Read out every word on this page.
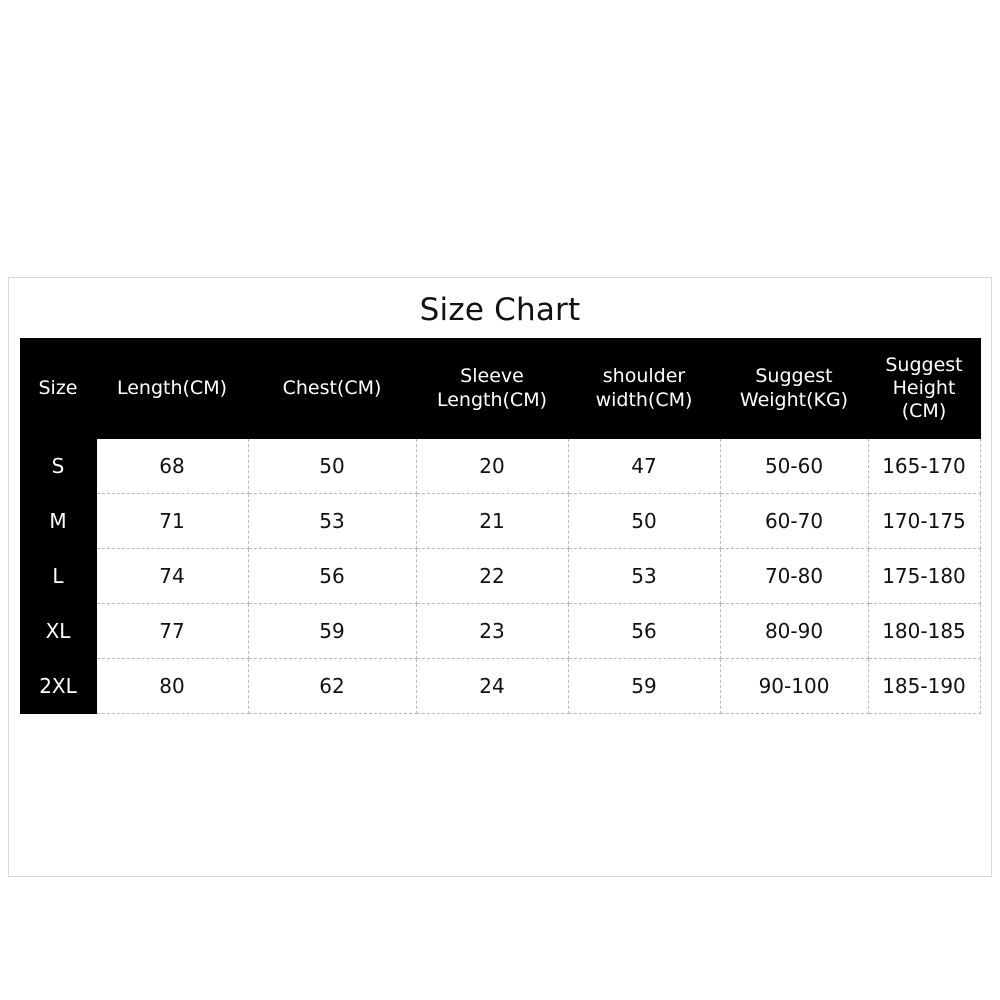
Size Chart
Size	Length(CM)	Chest(CM)	Sleeve Length(CM)	shoulder width(CM)	Suggest Weight(KG)	Suggest Height (CM)
S	68	50	20	47	50-60	165-170
M	71	53	21	50	60-70	170-175
L	74	56	22	53	70-80	175-180
XL	77	59	23	56	80-90	180-185
2XL	80	62	24	59	90-100	185-190
